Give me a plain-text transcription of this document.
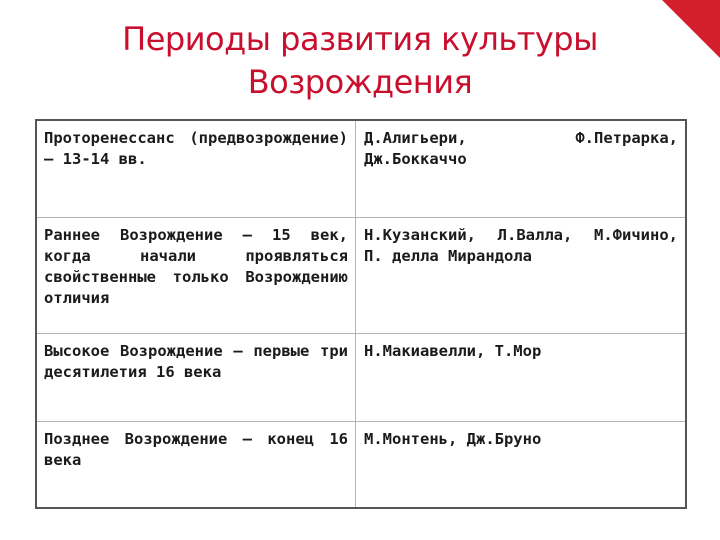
Периоды развития культуры
Возрождения
Проторенессанс (предвозрождение) – 13-14 вв.	Д.Алигьери, Ф.Петрарка, Дж.Боккаччо
Раннее Возрождение – 15 век, когда начали проявляться свойственные только Возрождению отличия	Н.Кузанский, Л.Валла, М.Фичино, П. делла Мирандола
Высокое Возрождение – первые три десятилетия 16 века	Н.Макиавелли, Т.Мор
Позднее Возрождение – конец 16 века	М.Монтень, Дж.Бруно
